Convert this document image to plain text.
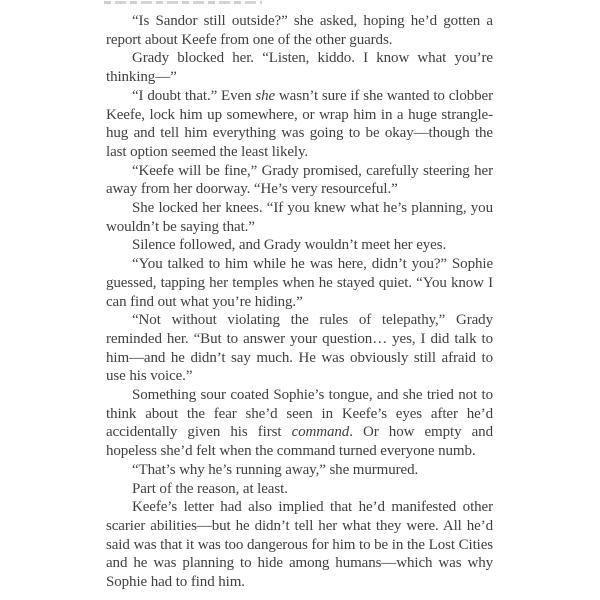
“Is Sandor still outside?” she asked, hoping he’d gotten a report about Keefe from one of the other guards.

Grady blocked her. “Listen, kiddo. I know what you’re thinking​—”

“I doubt that.” Even she wasn’t sure if she wanted to clobber Keefe, lock him up somewhere, or wrap him in a huge strangle-hug and tell him everything was going to be okay—though the last option seemed the least likely.

“Keefe will be fine,” Grady promised, carefully steering her away from her doorway. “He’s very resourceful.”

She locked her knees. “If you knew what he’s planning, you wouldn’t be saying that.”

Silence followed, and Grady wouldn’t meet her eyes.

“You talked to him while he was here, didn’t you?” Sophie guessed, tapping her temples when he stayed quiet. “You know I can find out what you’re hiding.”

“Not without violating the rules of telepathy,” Grady reminded her. “But to answer your question… yes, I did talk to him—and he didn’t say much. He was obviously still afraid to use his voice.”

Something sour coated Sophie’s tongue, and she tried not to think about the fear she’d seen in Keefe’s eyes after he’d accidentally given his first command. Or how empty and hopeless she’d felt when the command turned everyone numb.

“That’s why he’s running away,” she murmured.

Part of the reason, at least.

Keefe’s letter had also implied that he’d manifested other scarier abilities—but he didn’t tell her what they were. All he’d said was that it was too dangerous for him to be in the Lost Cities and he was planning to hide among humans—which was why Sophie had to find him.
